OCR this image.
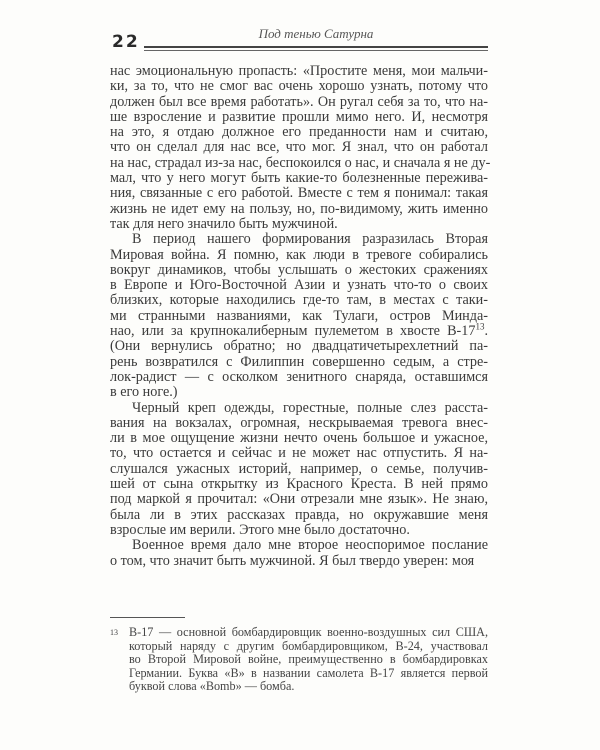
22	Под тенью Сатурна
нас эмоциональную пропасть: «Простите меня, мои мальчи-
ки, за то, что не смог вас очень хорошо узнать, потому что
должен был все время работать». Он ругал себя за то, что на-
ше взросление и развитие прошли мимо него. И, несмотря
на это, я отдаю должное его преданности нам и считаю,
что он сделал для нас все, что мог. Я знал, что он работал
на нас, страдал из-за нас, беспокоился о нас, и сначала я не ду-
мал, что у него могут быть какие-то болезненные пережива-
ния, связанные с его работой. Вместе с тем я понимал: такая
жизнь не идет ему на пользу, но, по-видимому, жить именно
так для него значило быть мужчиной.
В период нашего формирования разразилась Вторая
Мировая война. Я помню, как люди в тревоге собирались
вокруг динамиков, чтобы услышать о жестоких сражениях
в Европе и Юго-Восточной Азии и узнать что-то о своих
близких, которые находились где-то там, в местах с таки-
ми странными названиями, как Тулаги, остров Минда-
нао, или за крупнокалиберным пулеметом в хвосте $В-17^{13}$.
(Они вернулись обратно; но двадцатичетырехлетний па-
рень возвратился с Филиппин совершенно седым, а стре-
лок-радист — с осколком зенитного снаряда, оставшимся
в его ноге.)
Черный креп одежды, горестные, полные слез расста-
вания на вокзалах, огромная, нескрываемая тревога внес-
ли в мое ощущение жизни нечто очень большое и ужасное,
то, что остается и сейчас и не может нас отпустить. Я на-
слушался ужасных историй, например, о семье, получив-
шей от сына открытку из Красного Креста. В ней прямо
под маркой я прочитал: «Они отрезали мне язык». Не знаю,
была ли в этих рассказах правда, но окружавшие меня
взрослые им верили. Этого мне было достаточно.
Военное время дало мне второе неоспоримое послание
о том, что значит быть мужчиной. Я был твердо уверен: моя
13 В-17 — основной бомбардировщик военно-воздушных сил США,
который наряду с другим бомбардировщиком, В-24, участвовал
во Второй Мировой войне, преимущественно в бомбардировках
Германии. Буква «В» в названии самолета В-17 является первой
буквой слова «Bomb» — бомба.
